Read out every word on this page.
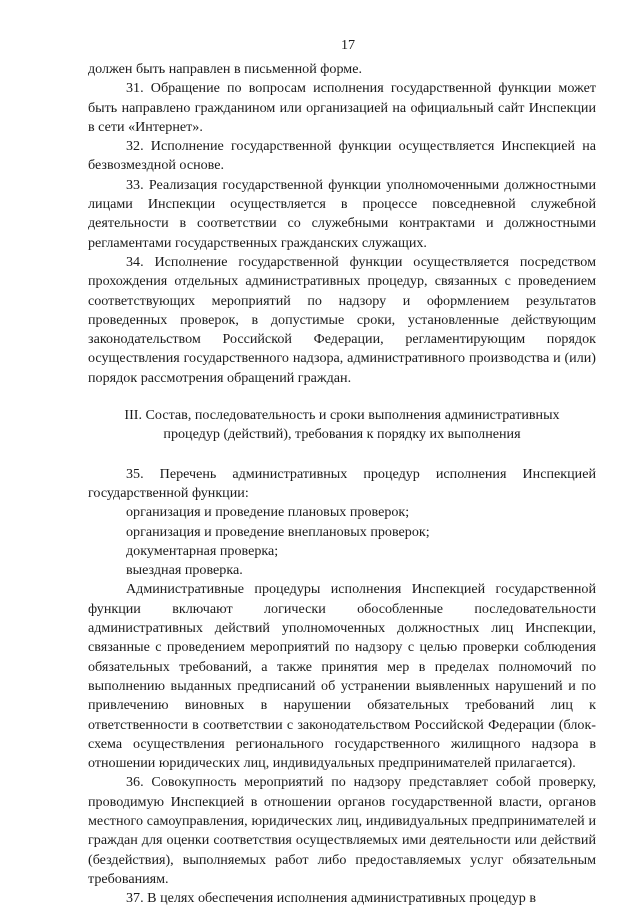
17

должен быть направлен в письменной форме.

31. Обращение по вопросам исполнения государственной функции может быть направлено гражданином или организацией на официальный сайт Инспекции в сети «Интернет».

32. Исполнение государственной функции осуществляется Инспекцией на безвозмездной основе.

33. Реализация государственной функции уполномоченными должностными лицами Инспекции осуществляется в процессе повседневной служебной деятельности в соответствии со служебными контрактами и должностными регламентами государственных гражданских служащих.

34. Исполнение государственной функции осуществляется посредством прохождения отдельных административных процедур, связанных с проведением соответствующих мероприятий по надзору и оформлением результатов проведенных проверок, в допустимые сроки, установленные действующим законодательством Российской Федерации, регламентирующим порядок осуществления государственного надзора, административного производства и (или) порядок рассмотрения обращений граждан.

III. Состав, последовательность и сроки выполнения административных процедур (действий), требования к порядку их выполнения

35. Перечень административных процедур исполнения Инспекцией государственной функции:

организация и проведение плановых проверок;
организация и проведение внеплановых проверок;
документарная проверка;
выездная проверка.

Административные процедуры исполнения Инспекцией государственной функции включают логически обособленные последовательности административных действий уполномоченных должностных лиц Инспекции, связанные с проведением мероприятий по надзору с целью проверки соблюдения обязательных требований, а также принятия мер в пределах полномочий по выполнению выданных предписаний об устранении выявленных нарушений и по привлечению виновных в нарушении обязательных требований лиц к ответственности в соответствии с законодательством Российской Федерации (блок-схема осуществления регионального государственного жилищного надзора в отношении юридических лиц, индивидуальных предпринимателей прилагается).

36. Совокупность мероприятий по надзору представляет собой проверку, проводимую Инспекцией в отношении органов государственной власти, органов местного самоуправления, юридических лиц, индивидуальных предпринимателей и граждан для оценки соответствия осуществляемых ими деятельности или действий (бездействия), выполняемых работ либо предоставляемых услуг обязательным требованиям.

37. В целях обеспечения исполнения административных процедур в
